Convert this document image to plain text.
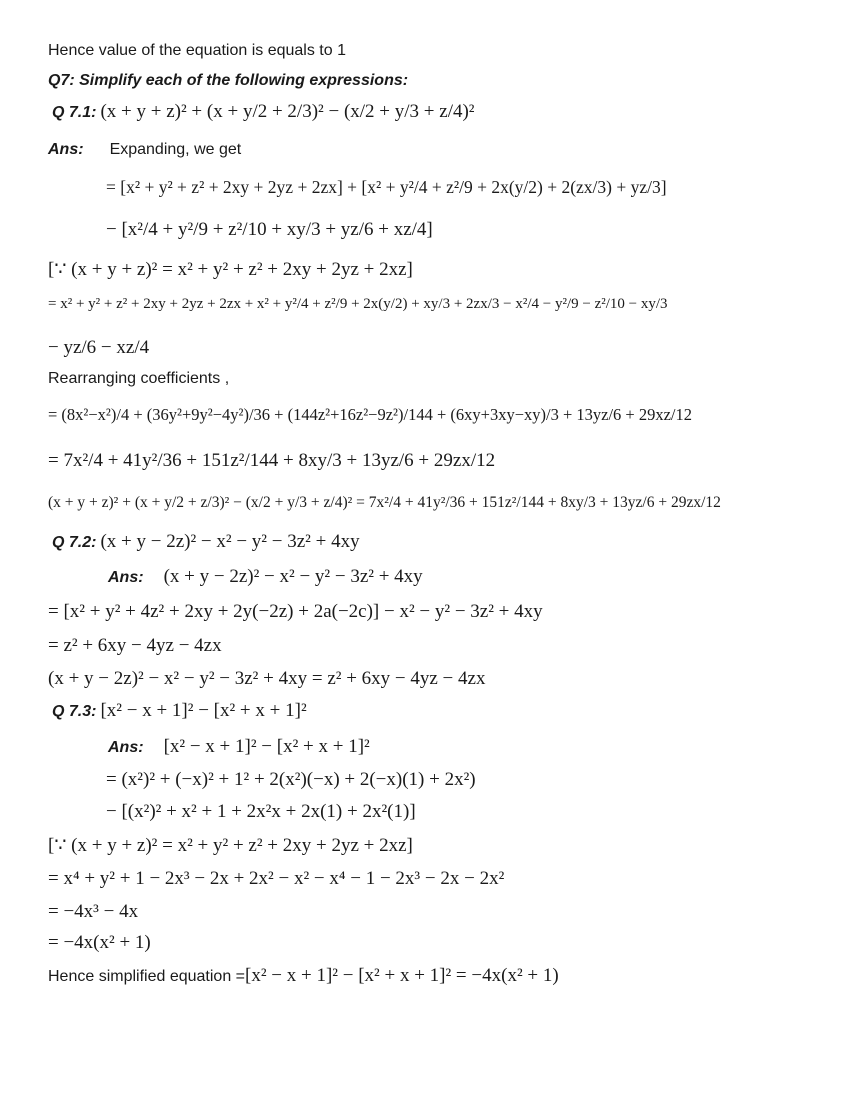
Hence value of the equation is equals to 1
Q7: Simplify each of the following expressions:
Q 7.1: (x + y + z)² + (x + y/2 + 2/3)² − (x/2 + y/3 + z/4)²
Ans: Expanding, we get
= [x² + y² + z² + 2xy + 2yz + 2zx] + [x² + y²/4 + z²/9 + 2x(y/2) + 2(zx/3) + yz/3]
− [x²/4 + y²/9 + z²/10 + xy/3 + yz/6 + xz/4]
[∵ (x + y + z)² = x² + y² + z² + 2xy + 2yz + 2xz]
= x² + y² + z² + 2xy + 2yz + 2zx + x² + y²/4 + z²/9 + 2x(y/2) + xy/3 + 2zx/3 − x²/4 − y²/9 − z²/10 − xy/3
− yz/6 − xz/4
Rearranging coefficients ,
= (8x²−x²)/4 + (36y²+9y²−4y²)/36 + (144z²+16z²−9z²)/144 + (6xy+3xy−xy)/3 + 13yz/6 + 29xz/12
= 7x²/4 + 41y²/36 + 151z²/144 + 8xy/3 + 13yz/6 + 29zx/12
(x + y + z)² + (x + y/2 + z/3)² − (x/2 + y/3 + z/4)² = 7x²/4 + 41y²/36 + 151z²/144 + 8xy/3 + 13yz/6 + 29zx/12
Q 7.2: (x + y − 2z)² − x² − y² − 3z² + 4xy
Ans: (x + y − 2z)² − x² − y² − 3z² + 4xy
= [x² + y² + 4z² + 2xy + 2y(−2z) + 2a(−2c)] − x² − y² − 3z² + 4xy
= z² + 6xy − 4yz − 4zx
(x + y − 2z)² − x² − y² − 3z² + 4xy = z² + 6xy − 4yz − 4zx
Q 7.3: [x² − x + 1]² − [x² + x + 1]²
Ans: [x² − x + 1]² − [x² + x + 1]²
= (x²)² + (−x)² + 1² + 2(x²)(−x) + 2(−x)(1) + 2x²)
− [(x²)² + x² + 1 + 2x²x + 2x(1) + 2x²(1)]
[∵ (x + y + z)² = x² + y² + z² + 2xy + 2yz + 2xz]
= x⁴ + y² + 1 − 2x³ − 2x + 2x² − x² − x⁴ − 1 − 2x³ − 2x − 2x²
= −4x³ − 4x
= −4x(x² + 1)
Hence simplified equation =[x² − x + 1]² − [x² + x + 1]² = −4x(x² + 1)
